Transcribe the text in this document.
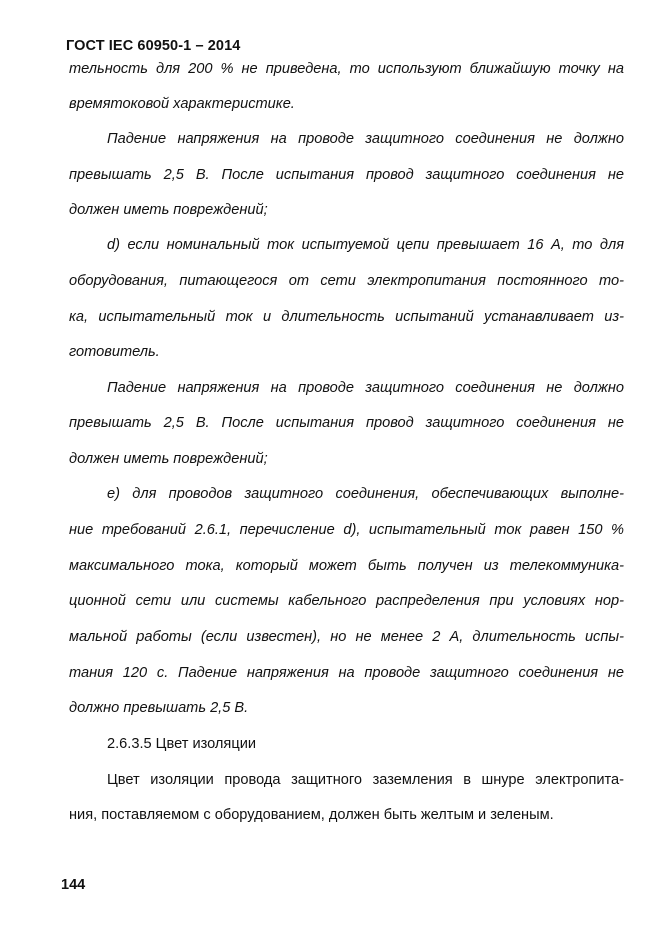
ГОСТ IEC 60950-1 – 2014
тельность для 200 % не приведена, то используют ближайшую точку на
времятоковой характеристике.
Падение напряжения на проводе защитного соединения не должно
превышать 2,5 В. После испытания провод защитного соединения не
должен иметь повреждений;
d) если номинальный ток испытуемой цепи превышает 16 А, то для
оборудования, питающегося от сети электропитания постоянного то-
ка, испытательный ток и длительность испытаний устанавливает из-
готовитель.
Падение напряжения на проводе защитного соединения не должно
превышать 2,5 В. После испытания провод защитного соединения не
должен иметь повреждений;
е) для проводов защитного соединения, обеспечивающих выполне-
ние требований 2.6.1, перечисление d), испытательный ток равен 150 %
максимального тока, который может быть получен из телекоммуника-
ционной сети или системы кабельного распределения при условиях нор-
мальной работы (если известен), но не менее 2 А, длительность испы-
тания 120 с. Падение напряжения на проводе защитного соединения не
должно превышать 2,5 В.
2.6.3.5 Цвет изоляции
Цвет изоляции провода защитного заземления в шнуре электропита-
ния, поставляемом с оборудованием, должен быть желтым и зеленым.
144
